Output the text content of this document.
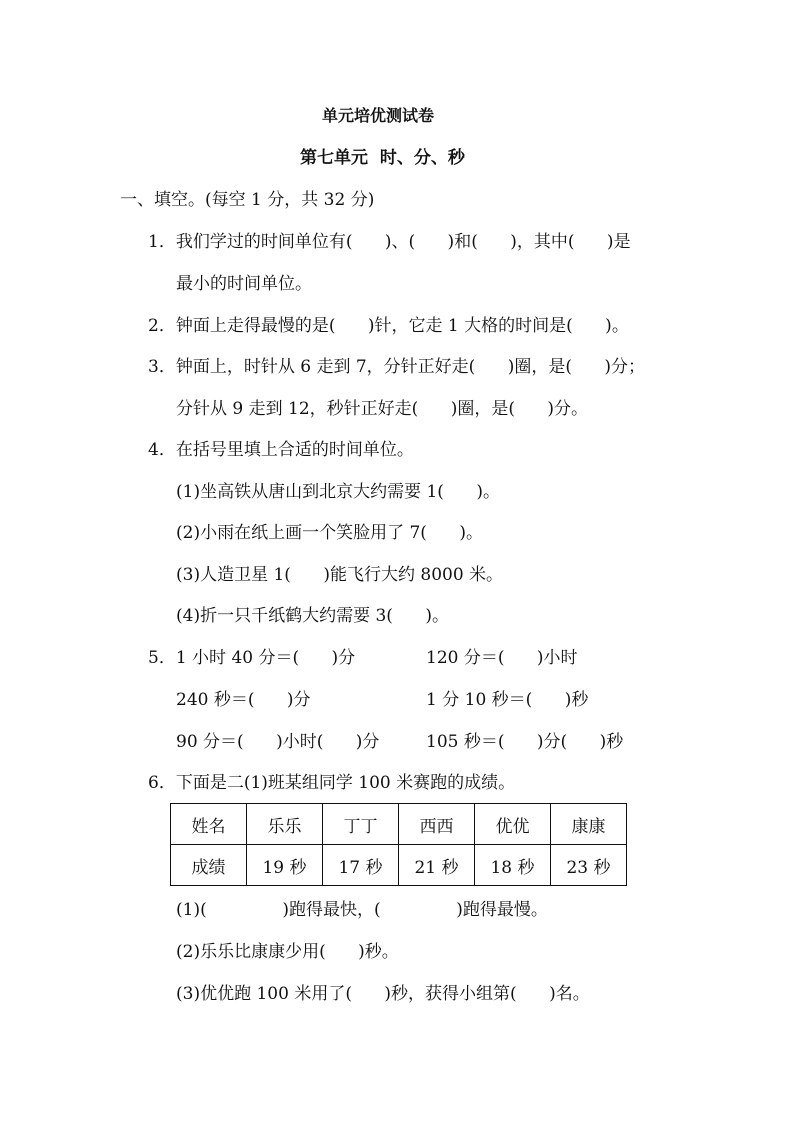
单元培优测试卷
第七单元  时、分、秒
一、填空。(每空 1 分，共 32 分)
1．我们学过的时间单位有(      )、(      )和(      )，其中(      )是
最小的时间单位。
2．钟面上走得最慢的是(      )针，它走 1 大格的时间是(      )。
3．钟面上，时针从 6 走到 7，分针正好走(      )圈，是(      )分；
分针从 9 走到 12，秒针正好走(      )圈，是(      )分。
4．在括号里填上合适的时间单位。
(1)坐高铁从唐山到北京大约需要 1(      )。
(2)小雨在纸上画一个笑脸用了 7(      )。
(3)人造卫星 1(      )能飞行大约 8000 米。
(4)折一只千纸鹤大约需要 3(      )。
5．1 小时 40 分＝(      )分	120 分＝(      )小时
240 秒＝(      )分	1 分 10 秒＝(      )秒
90 分＝(      )小时(      )分	105 秒＝(      )分(      )秒
6．下面是二(1)班某组同学 100 米赛跑的成绩。
姓名	乐乐	丁丁	西西	优优	康康
成绩	19 秒	17 秒	21 秒	18 秒	23 秒
(1)(              )跑得最快，(              )跑得最慢。
(2)乐乐比康康少用(      )秒。
(3)优优跑 100 米用了(      )秒，获得小组第(      )名。
